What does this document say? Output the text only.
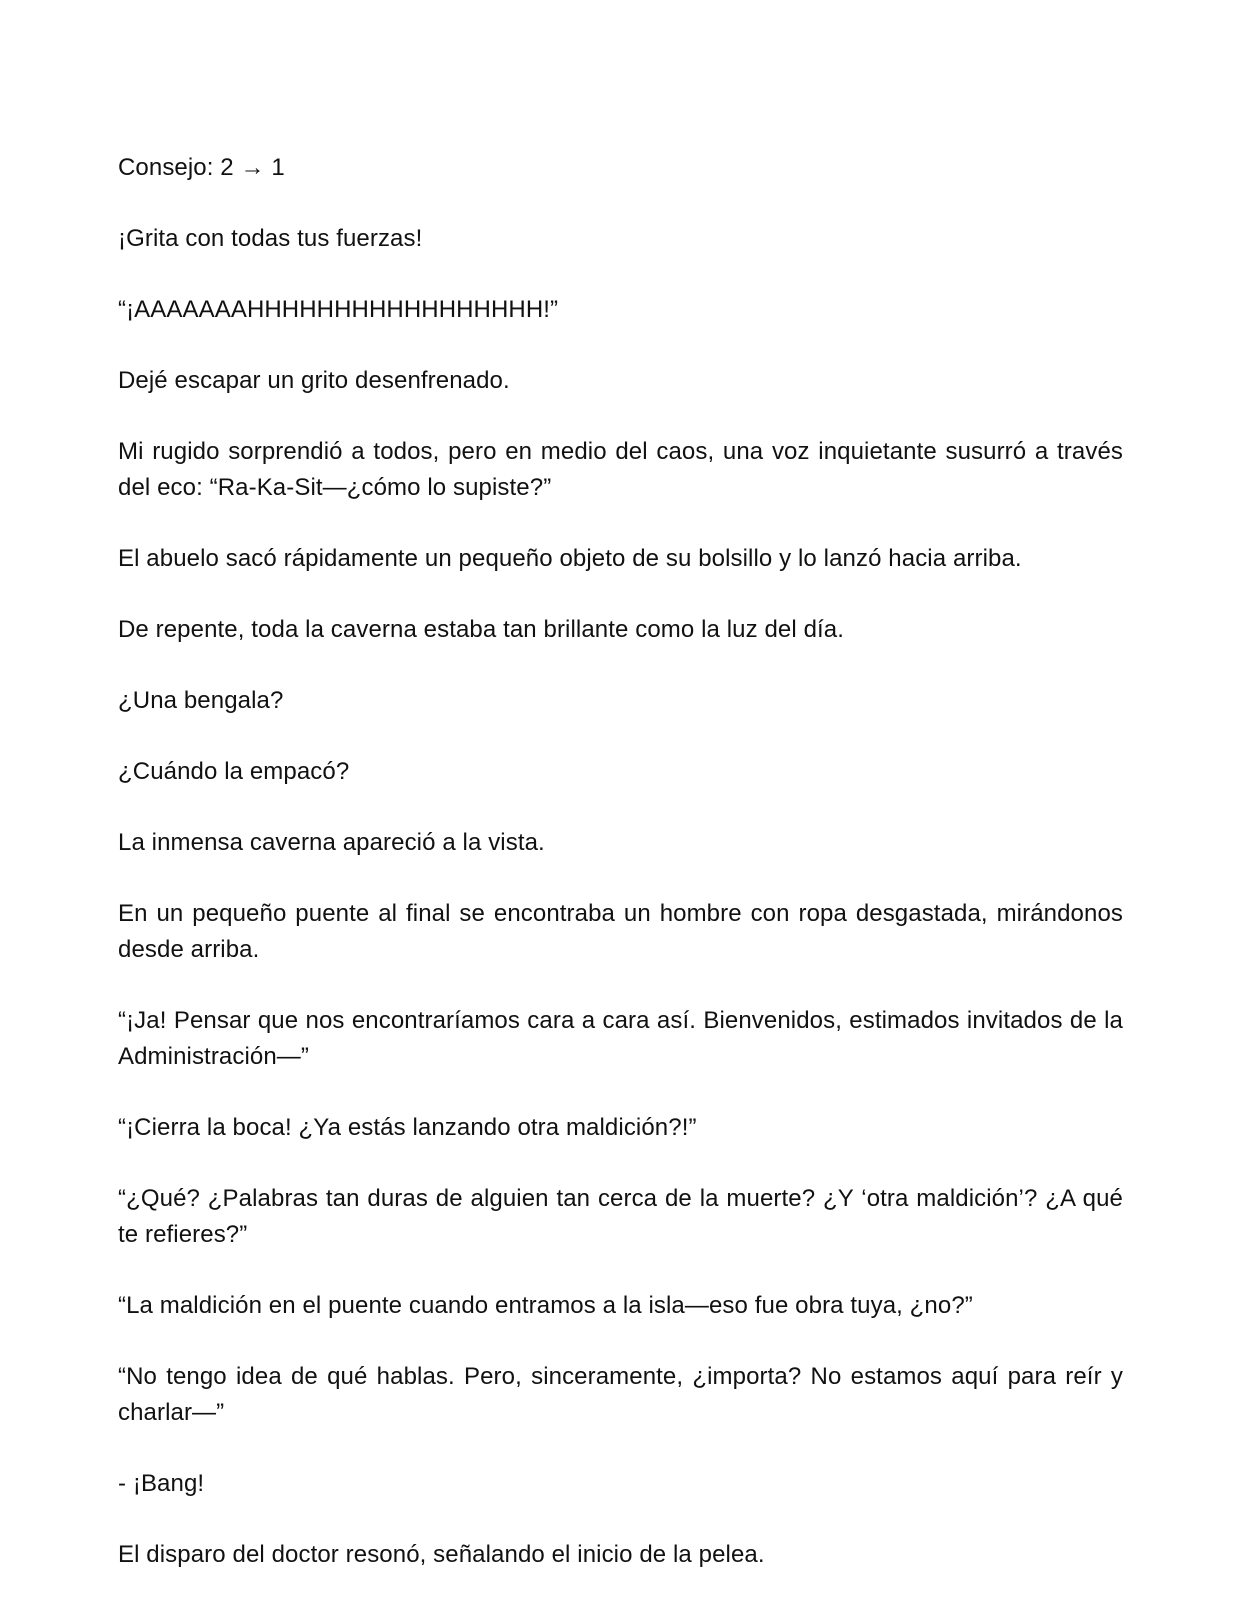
Consejo: 2 → 1

¡Grita con todas tus fuerzas!

“¡AAAAAAAHHHHHHHHHHHHHHHHH!”

Dejé escapar un grito desenfrenado.

Mi rugido sorprendió a todos, pero en medio del caos, una voz inquietante susurró a través del eco: “Ra-Ka-Sit—¿cómo lo supiste?”

El abuelo sacó rápidamente un pequeño objeto de su bolsillo y lo lanzó hacia arriba.

De repente, toda la caverna estaba tan brillante como la luz del día.

¿Una bengala?

¿Cuándo la empacó?

La inmensa caverna apareció a la vista.

En un pequeño puente al final se encontraba un hombre con ropa desgastada, mirándonos desde arriba.

“¡Ja! Pensar que nos encontraríamos cara a cara así. Bienvenidos, estimados invitados de la Administración—”

“¡Cierra la boca! ¿Ya estás lanzando otra maldición?!”

“¿Qué? ¿Palabras tan duras de alguien tan cerca de la muerte? ¿Y ‘otra maldición’? ¿A qué te refieres?”

“La maldición en el puente cuando entramos a la isla—eso fue obra tuya, ¿no?”

“No tengo idea de qué hablas. Pero, sinceramente, ¿importa? No estamos aquí para reír y charlar—”

- ¡Bang!

El disparo del doctor resonó, señalando el inicio de la pelea.
